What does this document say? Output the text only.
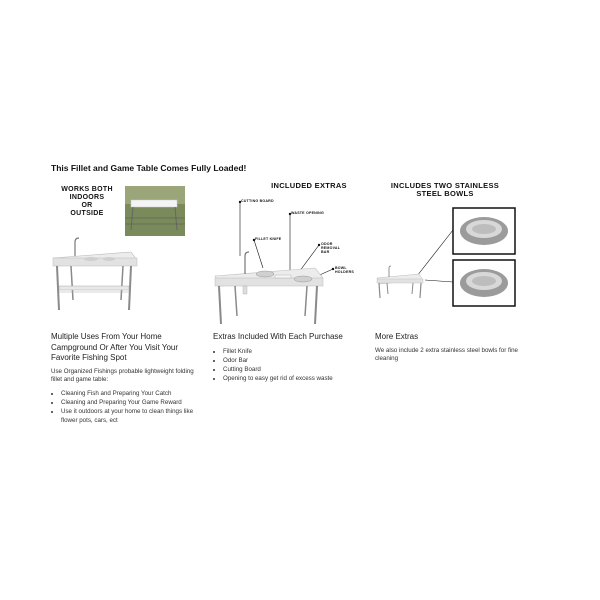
This Fillet and Game Table Comes Fully Loaded!
WORKS BOTH
INDOORS
OR
OUTSIDE
Multiple Uses From Your Home Campground Or After You Visit Your Favorite Fishing Spot
Use Organized Fishings probable lightweight folding fillet and game table:
• Cleaning Fish and Preparing Your Catch
• Cleaning and Preparing Your Game Reward
• Use it outdoors at your home to clean things like flower pots, cars, ect
INCLUDED EXTRAS
CUTTING BOARD
WASTE OPENING
FILLET KNIFE
ODOR REMOVAL BAR
BOWL HOLDERS
Extras Included With Each Purchase
• Fillet Knife
• Odor Bar
• Cutting Board
• Opening to easy get rid of excess waste
INCLUDES TWO STAINLESS
STEEL BOWLS
More Extras
We also include 2 extra stainless steel bowls for fine cleaning
